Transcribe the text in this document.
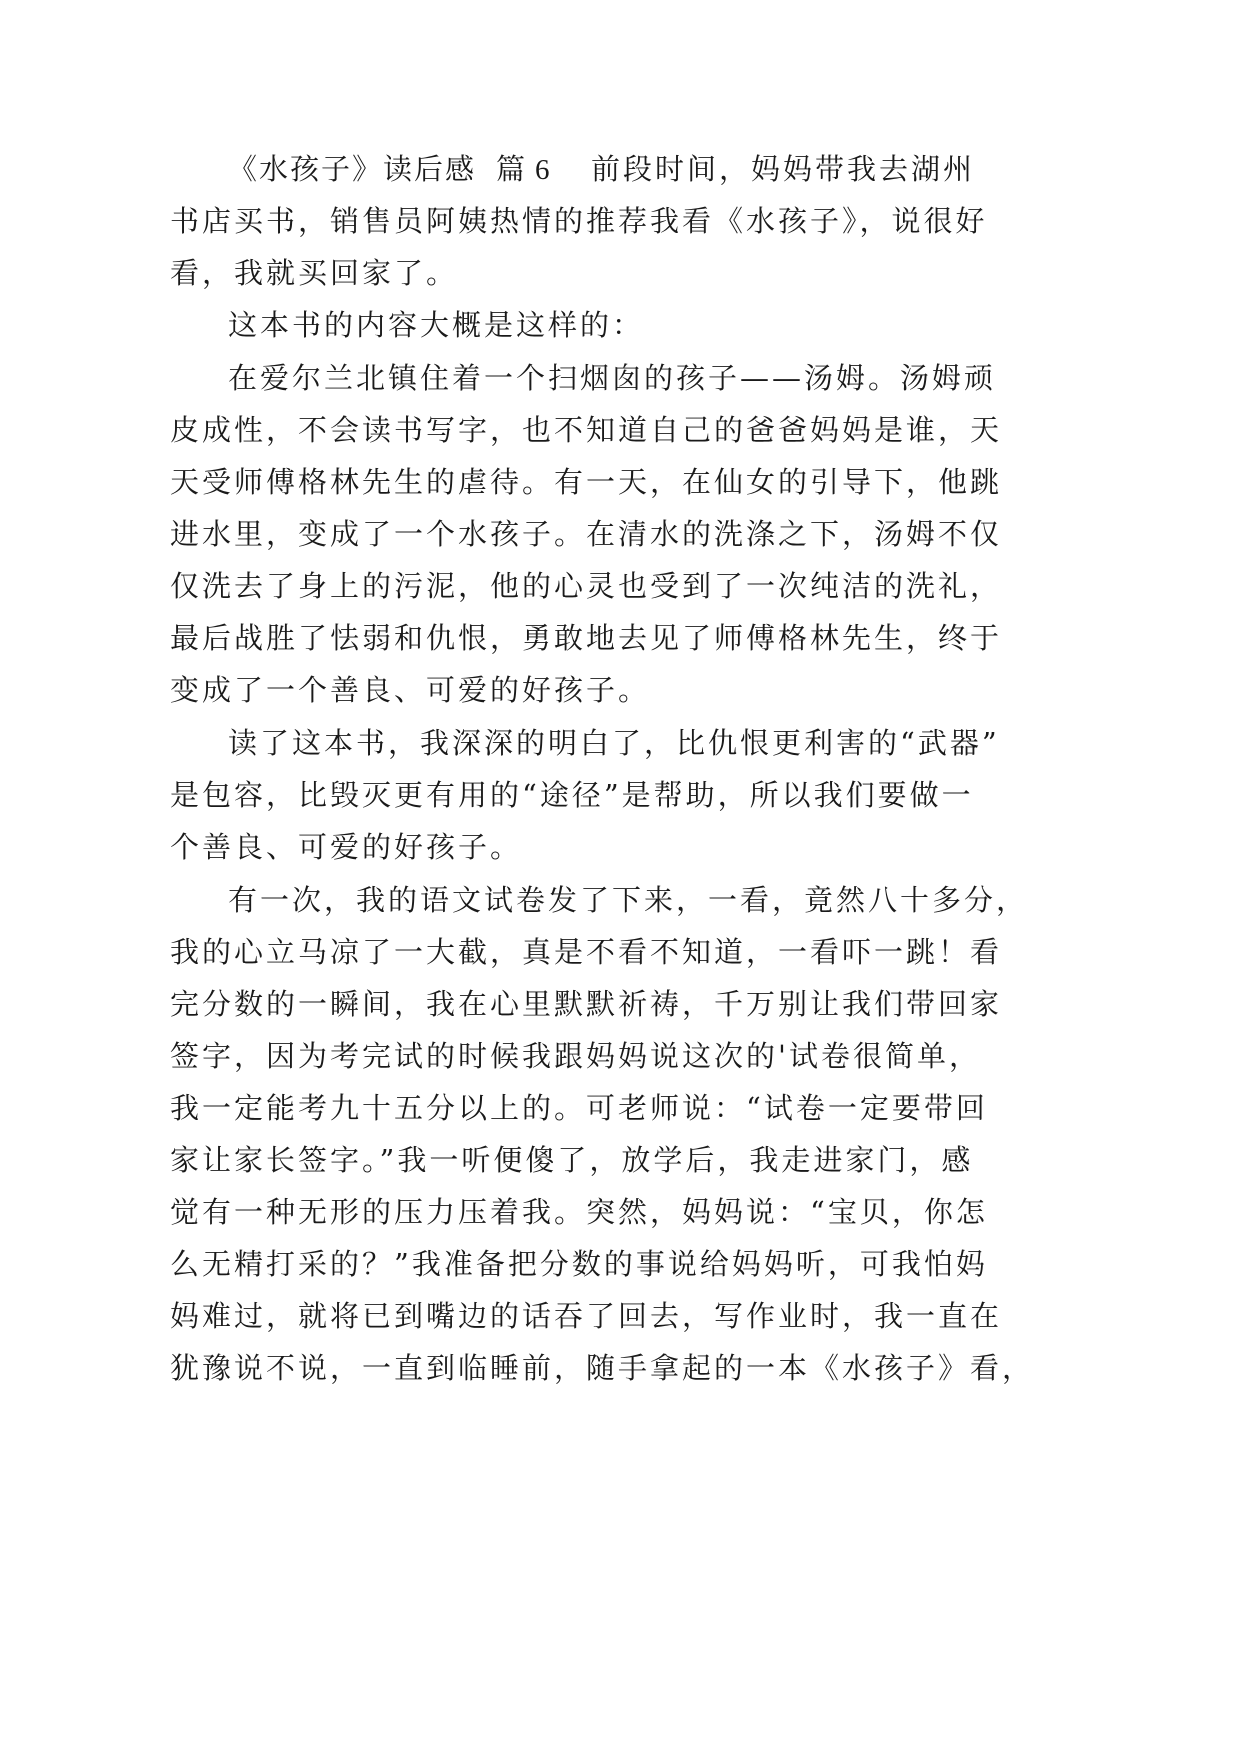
《水孩子》读后感 篇 6 前段时间，妈妈带我去湖州
书店买书，销售员阿姨热情的推荐我看《水孩子》，说很好
看，我就买回家了。
这本书的内容大概是这样的：
在爱尔兰北镇住着一个扫烟囱的孩子——汤姆。汤姆顽
皮成性，不会读书写字，也不知道自己的爸爸妈妈是谁，天
天受师傅格林先生的虐待。有一天，在仙女的引导下，他跳
进水里，变成了一个水孩子。在清水的洗涤之下，汤姆不仅
仅洗去了身上的污泥，他的心灵也受到了一次纯洁的洗礼，
最后战胜了怯弱和仇恨，勇敢地去见了师傅格林先生，终于
变成了一个善良、可爱的好孩子。
读了这本书，我深深的明白了，比仇恨更利害的“武器”
是包容，比毁灭更有用的“途径”是帮助，所以我们要做一
个善良、可爱的好孩子。
有一次，我的语文试卷发了下来，一看，竟然八十多分，
我的心立马凉了一大截，真是不看不知道，一看吓一跳！看
完分数的一瞬间，我在心里默默祈祷，千万别让我们带回家
签字，因为考完试的时候我跟妈妈说这次的'试卷很简单，
我一定能考九十五分以上的。可老师说：“试卷一定要带回
家让家长签字。”我一听便傻了，放学后，我走进家门，感
觉有一种无形的压力压着我。突然，妈妈说：“宝贝，你怎
么无精打采的？”我准备把分数的事说给妈妈听，可我怕妈
妈难过，就将已到嘴边的话吞了回去，写作业时，我一直在
犹豫说不说，一直到临睡前，随手拿起的一本《水孩子》看，
